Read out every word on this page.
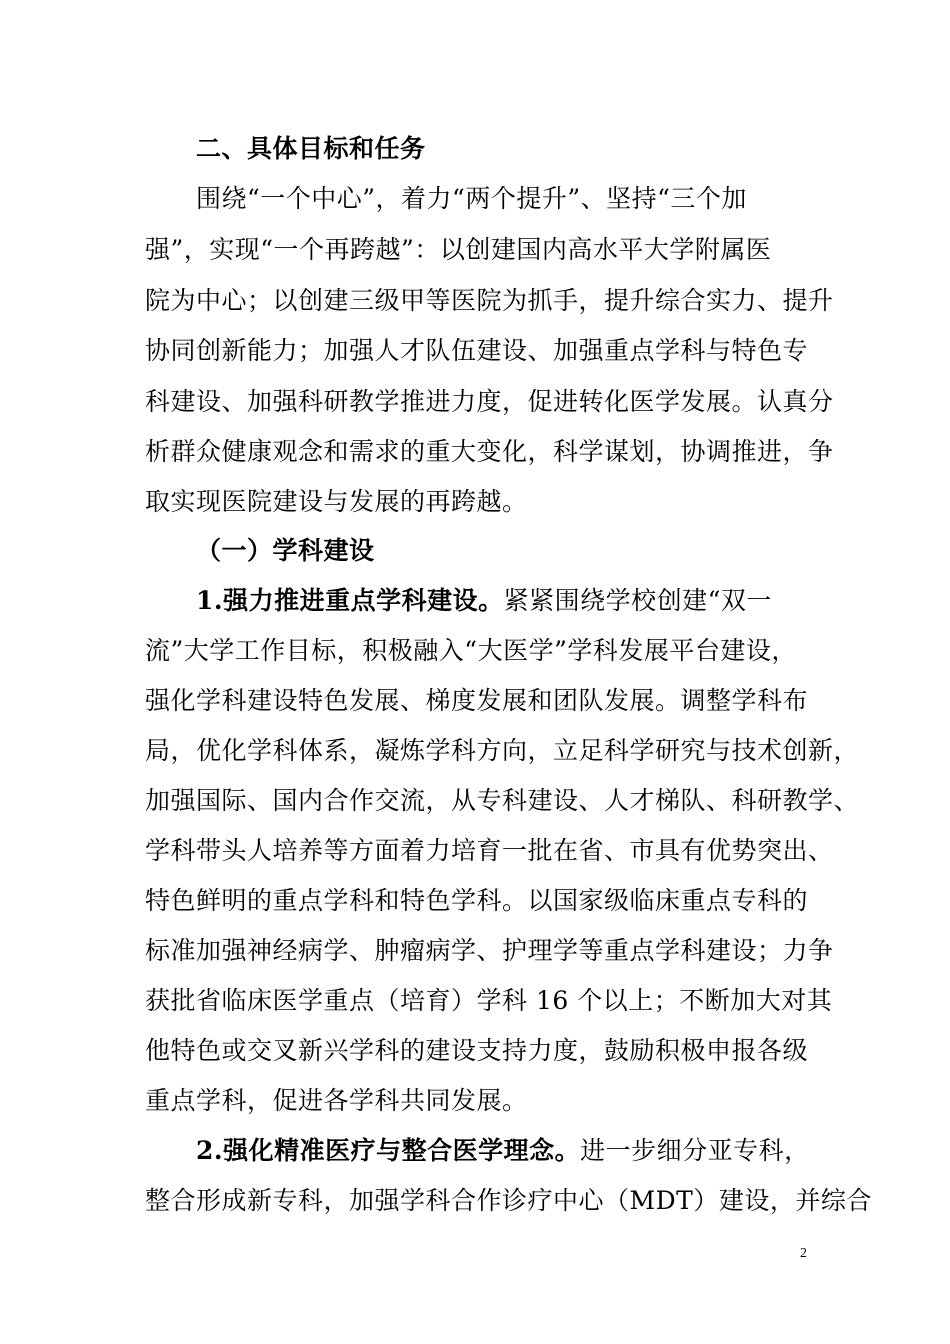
二、具体目标和任务
围绕“一个中心”，着力“两个提升”、坚持“三个加
强”，实现“一个再跨越”：以创建国内高水平大学附属医
院为中心；以创建三级甲等医院为抓手，提升综合实力、提升
协同创新能力；加强人才队伍建设、加强重点学科与特色专
科建设、加强科研教学推进力度，促进转化医学发展。认真分
析群众健康观念和需求的重大变化，科学谋划，协调推进，争
取实现医院建设与发展的再跨越。
（一）学科建设
1.强力推进重点学科建设。紧紧围绕学校创建“双一
流”大学工作目标，积极融入“大医学”学科发展平台建设，
强化学科建设特色发展、梯度发展和团队发展。调整学科布
局，优化学科体系，凝炼学科方向，立足科学研究与技术创新，
加强国际、国内合作交流，从专科建设、人才梯队、科研教学、
学科带头人培养等方面着力培育一批在省、市具有优势突出、
特色鲜明的重点学科和特色学科。以国家级临床重点专科的
标准加强神经病学、肿瘤病学、护理学等重点学科建设；力争
获批省临床医学重点（培育）学科 16 个以上；不断加大对其
他特色或交叉新兴学科的建设支持力度，鼓励积极申报各级
重点学科，促进各学科共同发展。
2.强化精准医疗与整合医学理念。进一步细分亚专科，
整合形成新专科，加强学科合作诊疗中心（MDT）建设，并综合
2
